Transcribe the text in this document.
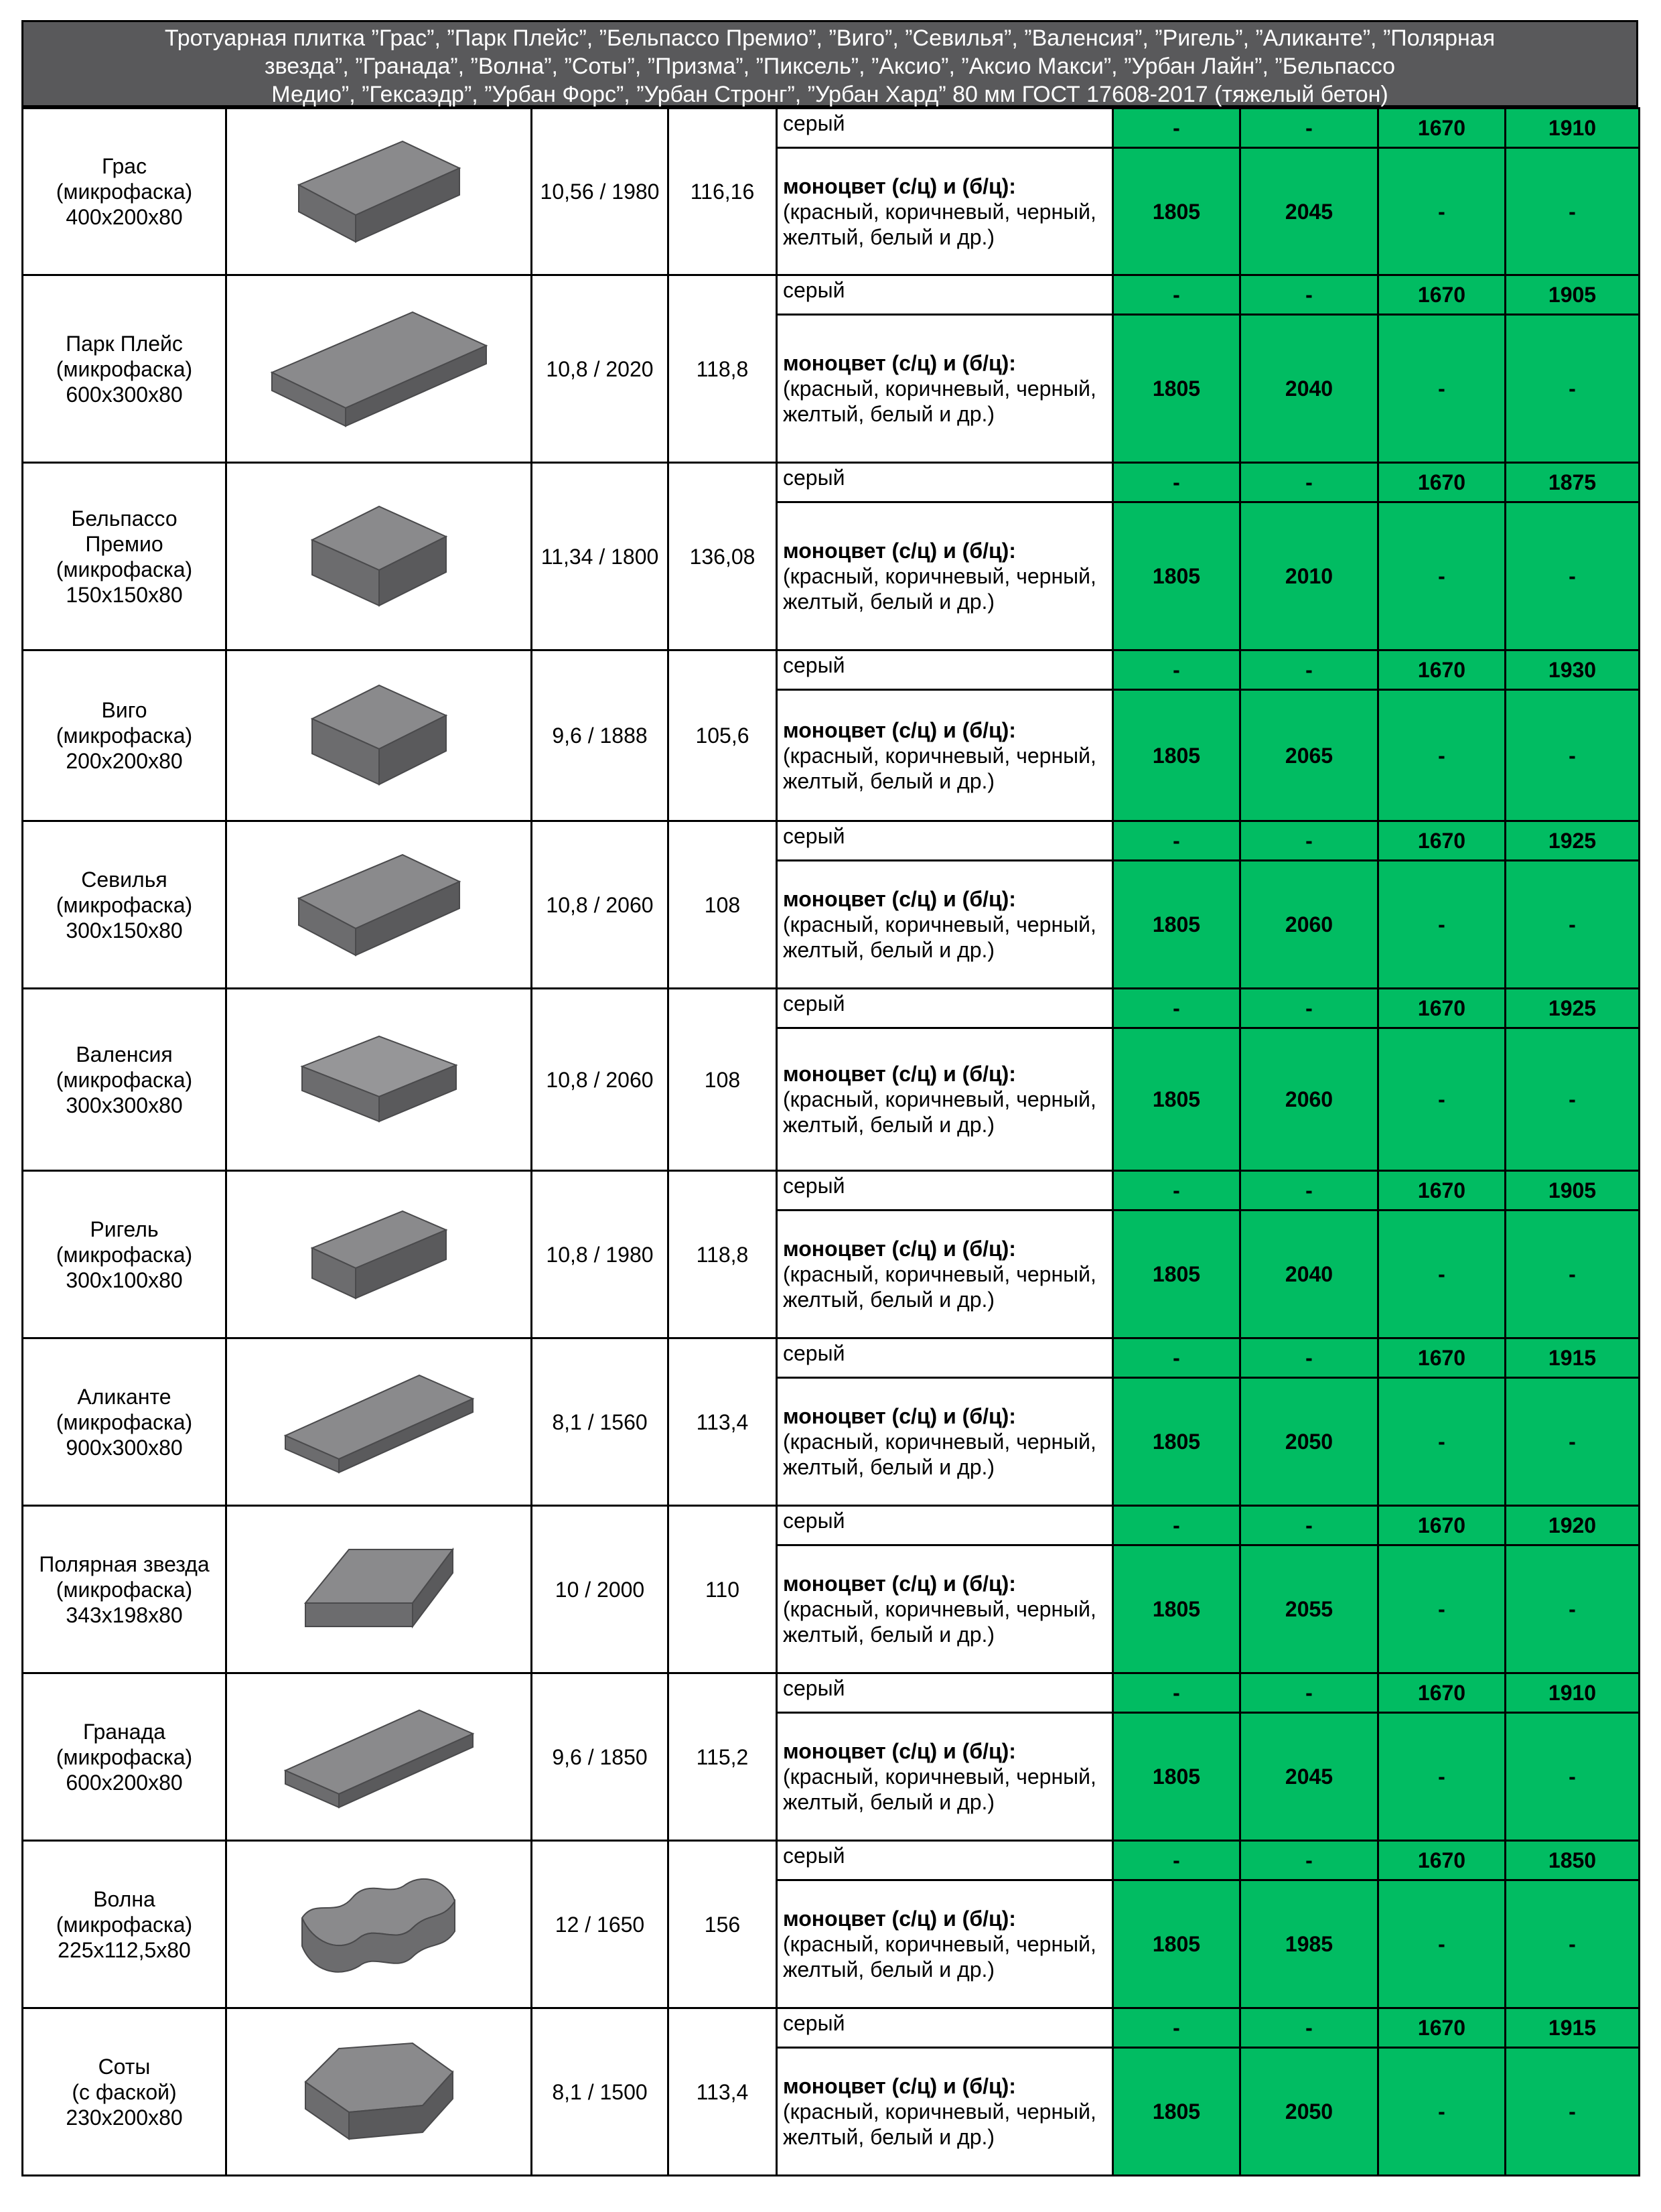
Тротуарная плитка ”Грас”, ”Парк Плейс”, ”Бельпассо Премио”, ”Виго”, ”Севилья”, ”Валенсия”, ”Ригель”, ”Аликанте”, ”Полярная
звезда”, ”Гранада”, ”Волна”, ”Соты”, ”Призма”, ”Пиксель”, ”Аксио”, ”Аксио Макси”, ”Урбан Лайн”, ”Бельпассо
Медио”, ”Гексаэдр”, ”Урбан Форс”, ”Урбан Стронг”, ”Урбан Хард” 80 мм ГОСТ 17608-2017 (тяжелый бетон)
Грас
(микрофаска)
400x200x80		10,56 / 1980	116,16	серый	-	-	1670	1910

				моноцвет (с/ц) и (б/ц):
(красный, коричневый, черный,
желтый, белый и др.)	1805	2045	-	-

Парк Плейс
(микрофаска)
600x300x80		10,8 / 2020	118,8	серый	-	-	1670	1905

				моноцвет (с/ц) и (б/ц):
(красный, коричневый, черный,
желтый, белый и др.)	1805	2040	-	-

Бельпассо
Премио
(микрофаска)
150x150x80		11,34 / 1800	136,08	серый	-	-	1670	1875

				моноцвет (с/ц) и (б/ц):
(красный, коричневый, черный,
желтый, белый и др.)	1805	2010	-	-

Виго
(микрофаска)
200x200x80		9,6 / 1888	105,6	серый	-	-	1670	1930

				моноцвет (с/ц) и (б/ц):
(красный, коричневый, черный,
желтый, белый и др.)	1805	2065	-	-

Севилья
(микрофаска)
300x150x80		10,8 / 2060	108	серый	-	-	1670	1925

				моноцвет (с/ц) и (б/ц):
(красный, коричневый, черный,
желтый, белый и др.)	1805	2060	-	-

Валенсия
(микрофаска)
300x300x80		10,8 / 2060	108	серый	-	-	1670	1925

				моноцвет (с/ц) и (б/ц):
(красный, коричневый, черный,
желтый, белый и др.)	1805	2060	-	-

Ригель
(микрофаска)
300x100x80		10,8 / 1980	118,8	серый	-	-	1670	1905

				моноцвет (с/ц) и (б/ц):
(красный, коричневый, черный,
желтый, белый и др.)	1805	2040	-	-

Аликанте
(микрофаска)
900x300x80		8,1 / 1560	113,4	серый	-	-	1670	1915

				моноцвет (с/ц) и (б/ц):
(красный, коричневый, черный,
желтый, белый и др.)	1805	2050	-	-

Полярная звезда
(микрофаска)
343x198x80		10 / 2000	110	серый	-	-	1670	1920

				моноцвет (с/ц) и (б/ц):
(красный, коричневый, черный,
желтый, белый и др.)	1805	2055	-	-

Гранада
(микрофаска)
600x200x80		9,6 / 1850	115,2	серый	-	-	1670	1910

				моноцвет (с/ц) и (б/ц):
(красный, коричневый, черный,
желтый, белый и др.)	1805	2045	-	-

Волна
(микрофаска)
225x112,5x80		12 / 1650	156	серый	-	-	1670	1850

				моноцвет (с/ц) и (б/ц):
(красный, коричневый, черный,
желтый, белый и др.)	1805	1985	-	-

Соты
(с фаской)
230x200x80		8,1 / 1500	113,4	серый	-	-	1670	1915

				моноцвет (с/ц) и (б/ц):
(красный, коричневый, черный,
желтый, белый и др.)	1805	2050	-	-
